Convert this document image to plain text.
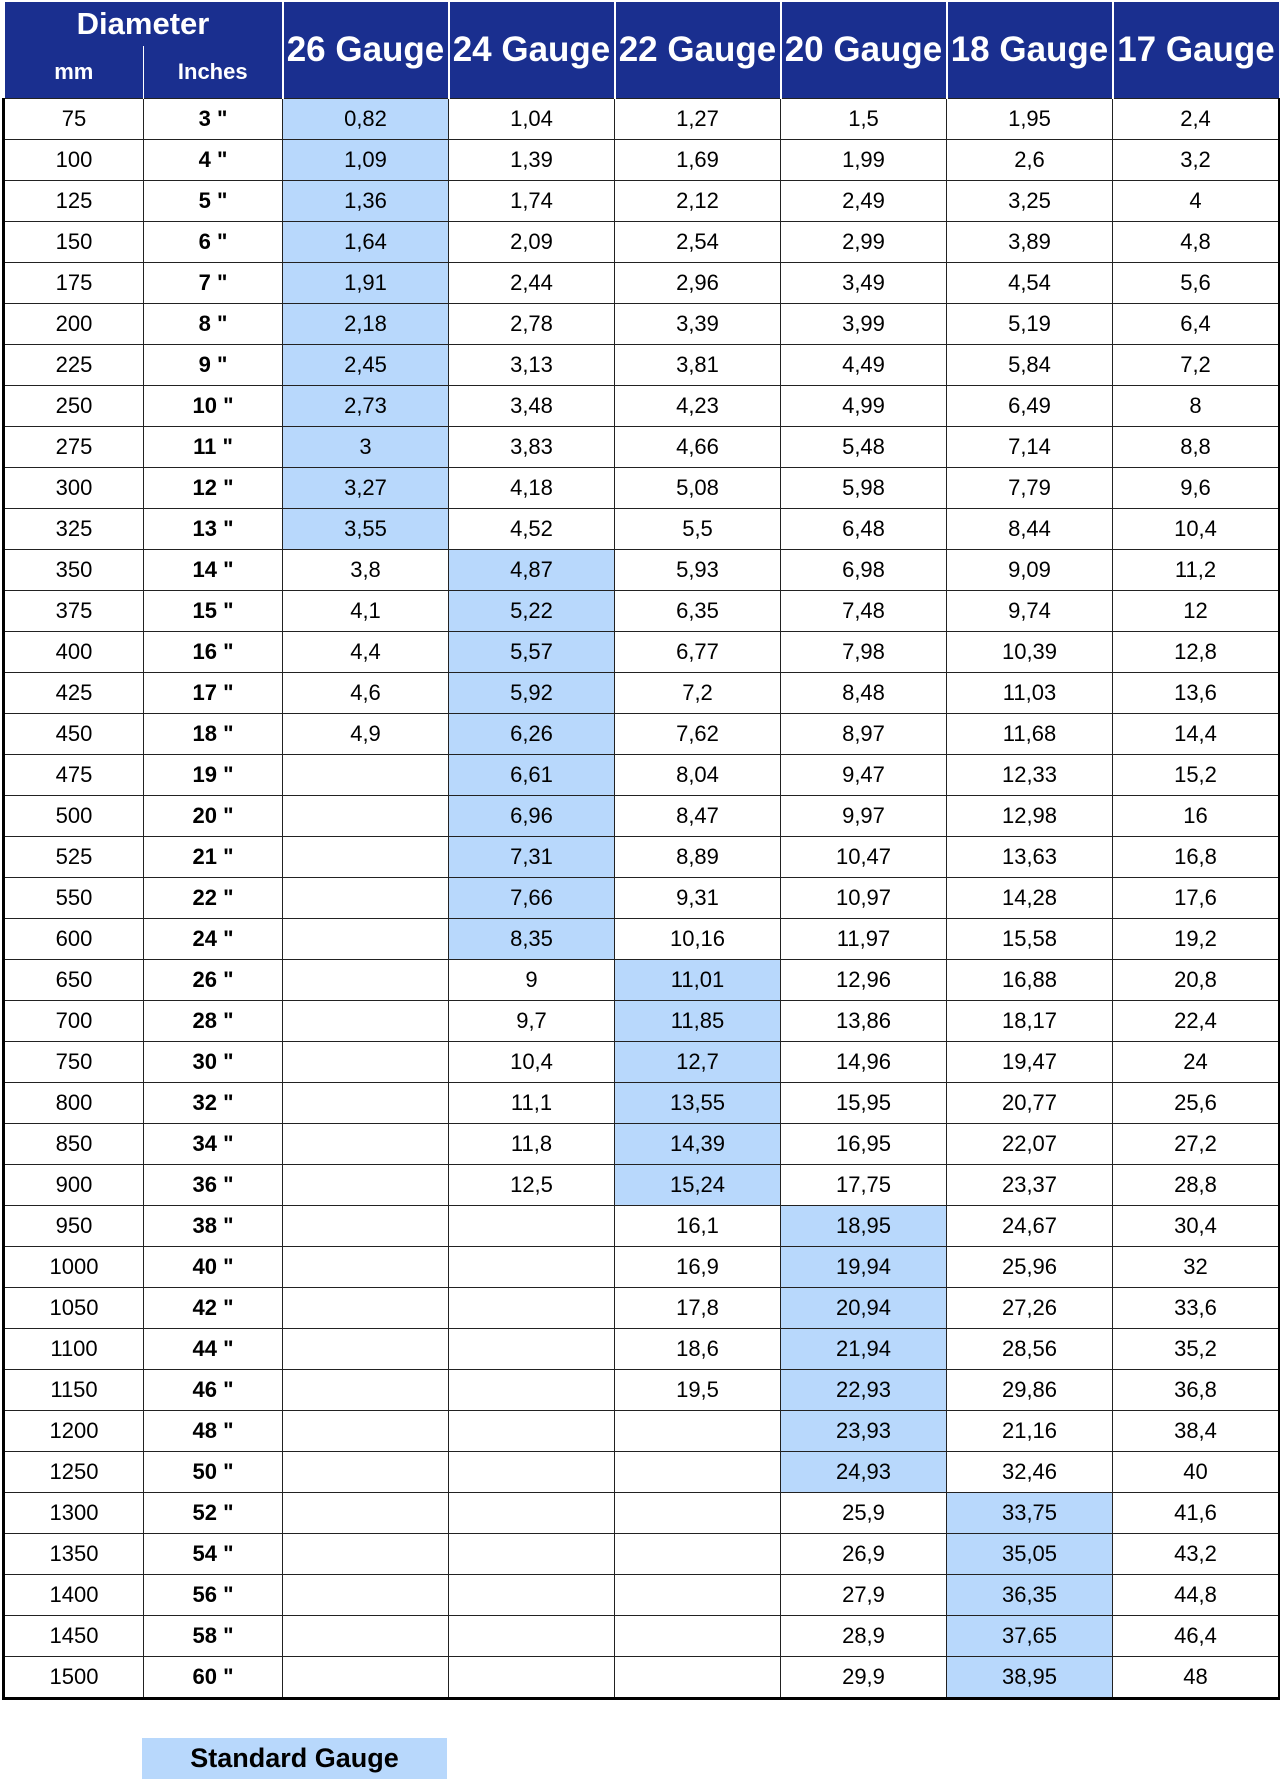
Diameter		26 Gauge	24 Gauge	22 Gauge	20 Gauge	18 Gauge	17 Gauge
mm	Inches						
75	3 "	0,82	1,04	1,27	1,5	1,95	2,4
100	4 "	1,09	1,39	1,69	1,99	2,6	3,2
125	5 "	1,36	1,74	2,12	2,49	3,25	4
150	6 "	1,64	2,09	2,54	2,99	3,89	4,8
175	7 "	1,91	2,44	2,96	3,49	4,54	5,6
200	8 "	2,18	2,78	3,39	3,99	5,19	6,4
225	9 "	2,45	3,13	3,81	4,49	5,84	7,2
250	10 "	2,73	3,48	4,23	4,99	6,49	8
275	11 "	3	3,83	4,66	5,48	7,14	8,8
300	12 "	3,27	4,18	5,08	5,98	7,79	9,6
325	13 "	3,55	4,52	5,5	6,48	8,44	10,4
350	14 "	3,8	4,87	5,93	6,98	9,09	11,2
375	15 "	4,1	5,22	6,35	7,48	9,74	12
400	16 "	4,4	5,57	6,77	7,98	10,39	12,8
425	17 "	4,6	5,92	7,2	8,48	11,03	13,6
450	18 "	4,9	6,26	7,62	8,97	11,68	14,4
475	19 "		6,61	8,04	9,47	12,33	15,2
500	20 "		6,96	8,47	9,97	12,98	16
525	21 "		7,31	8,89	10,47	13,63	16,8
550	22 "		7,66	9,31	10,97	14,28	17,6
600	24 "		8,35	10,16	11,97	15,58	19,2
650	26 "		9	11,01	12,96	16,88	20,8
700	28 "		9,7	11,85	13,86	18,17	22,4
750	30 "		10,4	12,7	14,96	19,47	24
800	32 "		11,1	13,55	15,95	20,77	25,6
850	34 "		11,8	14,39	16,95	22,07	27,2
900	36 "		12,5	15,24	17,75	23,37	28,8
950	38 "			16,1	18,95	24,67	30,4
1000	40 "			16,9	19,94	25,96	32
1050	42 "			17,8	20,94	27,26	33,6
1100	44 "			18,6	21,94	28,56	35,2
1150	46 "			19,5	22,93	29,86	36,8
1200	48 "				23,93	21,16	38,4
1250	50 "				24,93	32,46	40
1300	52 "				25,9	33,75	41,6
1350	54 "				26,9	35,05	43,2
1400	56 "				27,9	36,35	44,8
1450	58 "				28,9	37,65	46,4
1500	60 "				29,9	38,95	48
Standard Gauge
